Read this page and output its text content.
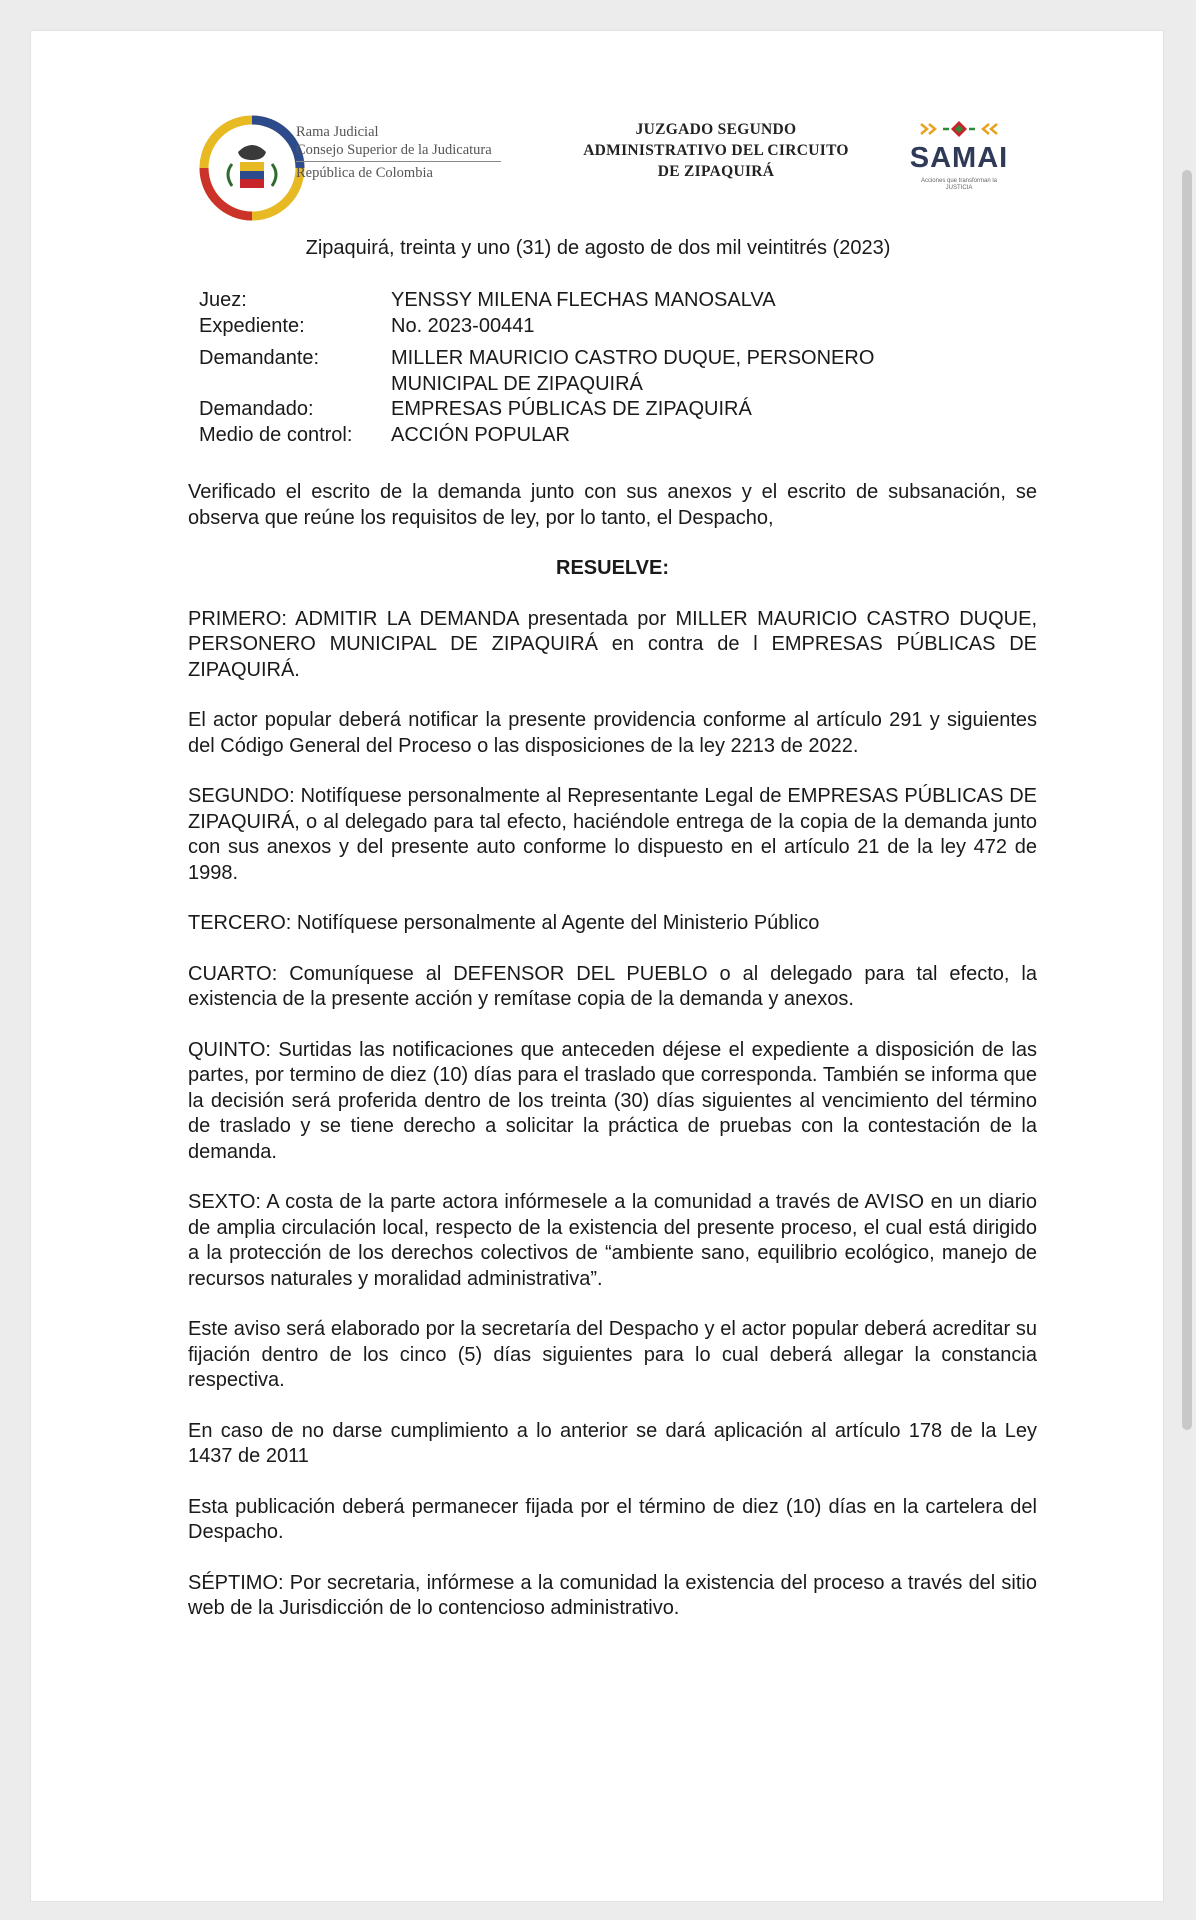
Rama Judicial
Consejo Superior de la Judicatura
República de Colombia
JUZGADO SEGUNDO
ADMINISTRATIVO DEL CIRCUITO
DE ZIPAQUIRÁ	SAMAI
Acciones que transforman la JUSTICIA
Zipaquirá, treinta y uno (31) de agosto de dos mil veintitrés (2023)
Juez:	YENSSY MILENA FLECHAS MANOSALVA
Expediente:	No. 2023-00441
Demandante:	MILLER MAURICIO CASTRO DUQUE, PERSONERO
MUNICIPAL DE ZIPAQUIRÁ
Demandado:	EMPRESAS PÚBLICAS DE ZIPAQUIRÁ
Medio de control:	ACCIÓN POPULAR

Verificado el escrito de la demanda junto con sus anexos y el escrito de subsanación, se observa que reúne los requisitos de ley, por lo tanto, el Despacho,

RESUELVE:

PRIMERO: ADMITIR LA DEMANDA presentada por MILLER MAURICIO CASTRO DUQUE, PERSONERO MUNICIPAL DE ZIPAQUIRÁ en contra de l EMPRESAS PÚBLICAS DE ZIPAQUIRÁ.

El actor popular deberá notificar la presente providencia conforme al artículo 291 y siguientes del Código General del Proceso o las disposiciones de la ley 2213 de 2022.

SEGUNDO: Notifíquese personalmente al Representante Legal de EMPRESAS PÚBLICAS DE ZIPAQUIRÁ, o al delegado para tal efecto, haciéndole entrega de la copia de la demanda junto con sus anexos y del presente auto conforme lo dispuesto en el artículo 21 de la ley 472 de 1998.

TERCERO: Notifíquese personalmente al Agente del Ministerio Público

CUARTO: Comuníquese al DEFENSOR DEL PUEBLO o al delegado para tal efecto, la existencia de la presente acción y remítase copia de la demanda y anexos.

QUINTO: Surtidas las notificaciones que anteceden déjese el expediente a disposición de las partes, por termino de diez (10) días para el traslado que corresponda. También se informa que la decisión será proferida dentro de los treinta (30) días siguientes al vencimiento del término de traslado y se tiene derecho a solicitar la práctica de pruebas con la contestación de la demanda.

SEXTO: A costa de la parte actora infórmesele a la comunidad a través de AVISO en un diario de amplia circulación local, respecto de la existencia del presente proceso, el cual está dirigido a la protección de los derechos colectivos de “ambiente sano, equilibrio ecológico, manejo de recursos naturales y moralidad administrativa”.

Este aviso será elaborado por la secretaría del Despacho y el actor popular deberá acreditar su fijación dentro de los cinco (5) días siguientes para lo cual deberá allegar la constancia respectiva.

En caso de no darse cumplimiento a lo anterior se dará aplicación al artículo 178 de la Ley 1437 de 2011

Esta publicación deberá permanecer fijada por el término de diez (10) días en la cartelera del Despacho.

SÉPTIMO: Por secretaria, infórmese a la comunidad la existencia del proceso a través del sitio web de la Jurisdicción de lo contencioso administrativo.
